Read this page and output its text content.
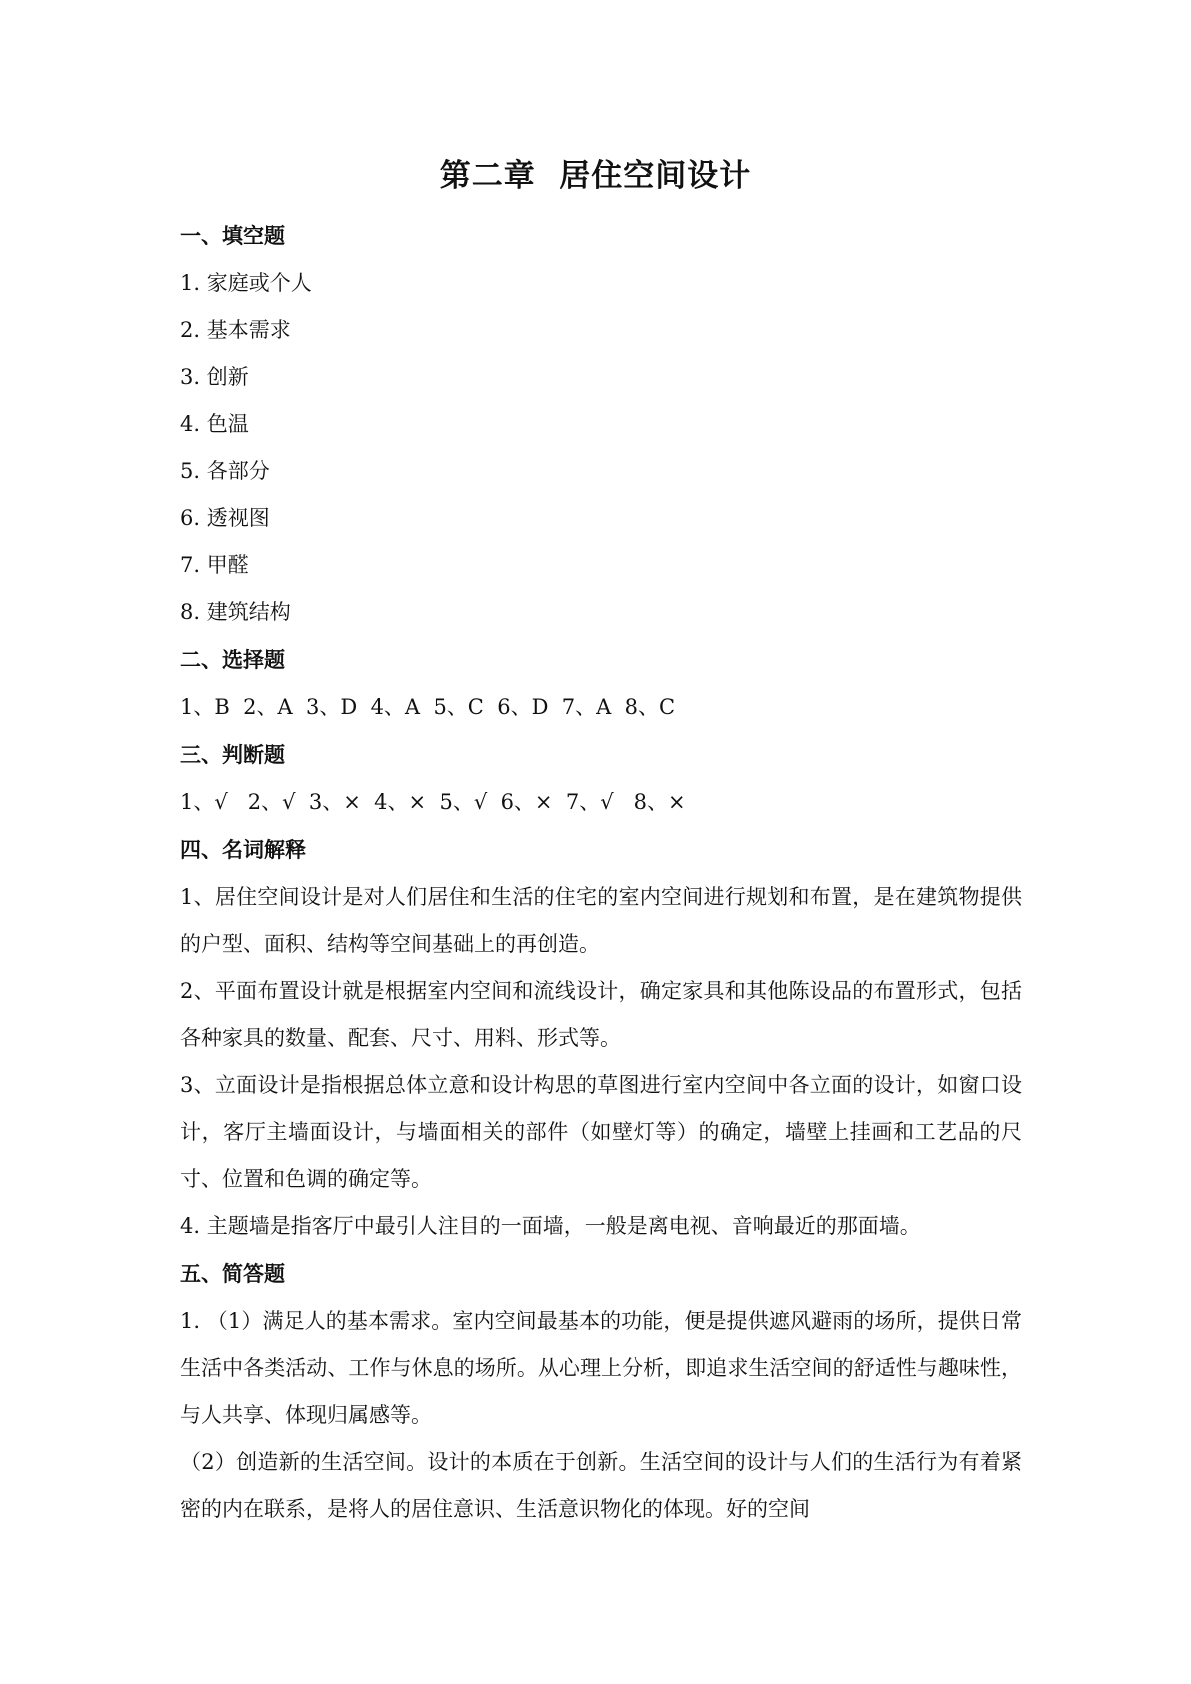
第二章  居住空间设计
一、填空题
1. 家庭或个人
2. 基本需求
3. 创新
4. 色温
5. 各部分
6. 透视图
7. 甲醛
8. 建筑结构
二、选择题
1、B  2、A  3、D  4、A  5、C  6、D  7、A  8、C
三、判断题
1、√   2、√  3、×  4、×  5、√  6、×  7、√   8、×
四、名词解释
1、居住空间设计是对人们居住和生活的住宅的室内空间进行规划和布置，是在建筑物提供的户型、面积、结构等空间基础上的再创造。
2、平面布置设计就是根据室内空间和流线设计，确定家具和其他陈设品的布置形式，包括各种家具的数量、配套、尺寸、用料、形式等。
3、立面设计是指根据总体立意和设计构思的草图进行室内空间中各立面的设计，如窗口设计，客厅主墙面设计，与墙面相关的部件（如壁灯等）的确定，墙壁上挂画和工艺品的尺寸、位置和色调的确定等。
4. 主题墙是指客厅中最引人注目的一面墙，一般是离电视、音响最近的那面墙。
五、简答题
1. （1）满足人的基本需求。室内空间最基本的功能，便是提供遮风避雨的场所，提供日常生活中各类活动、工作与休息的场所。从心理上分析，即追求生活空间的舒适性与趣味性，与人共享、体现归属感等。
（2）创造新的生活空间。设计的本质在于创新。生活空间的设计与人们的生活行为有着紧密的内在联系，是将人的居住意识、生活意识物化的体现。好的空间
